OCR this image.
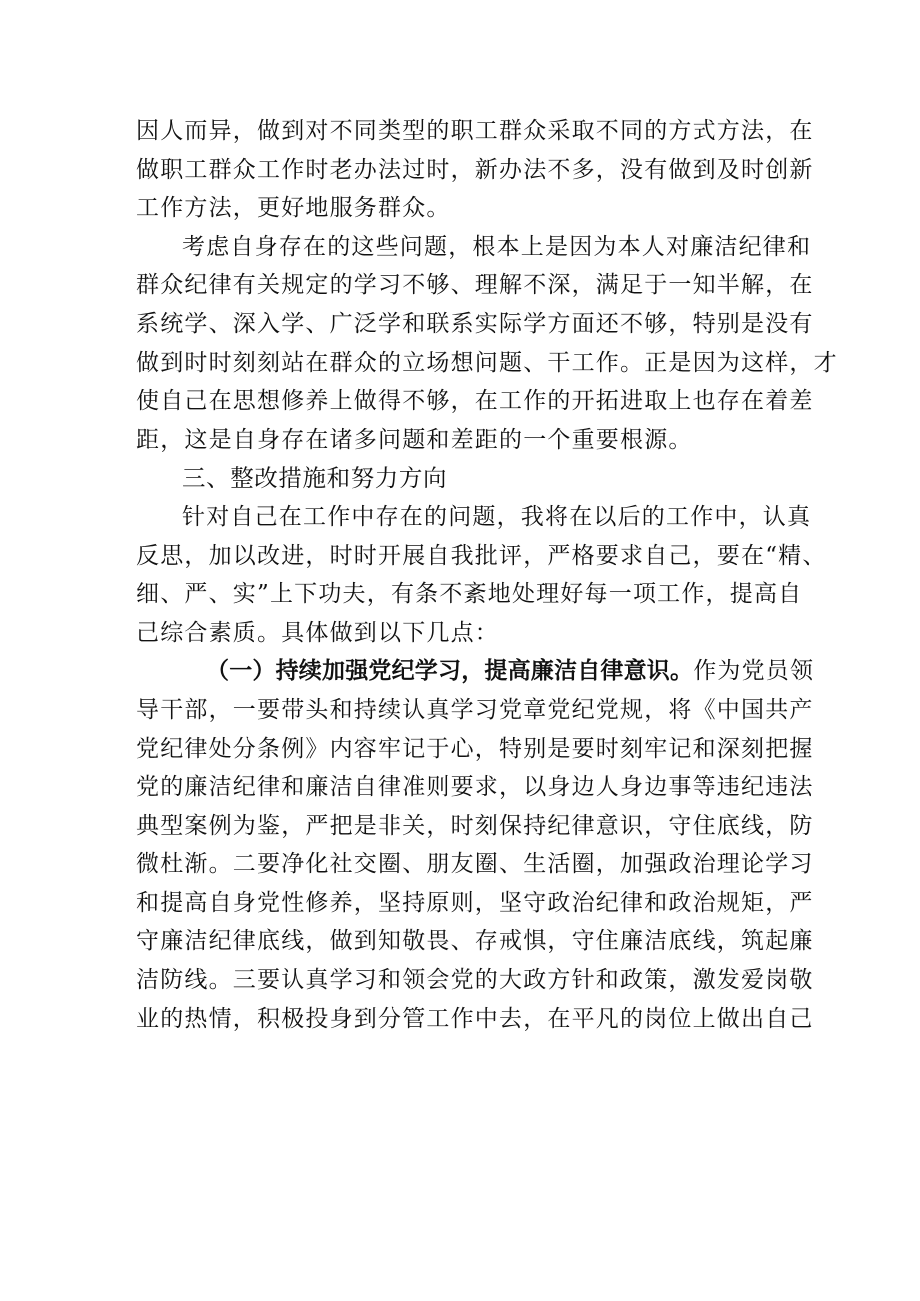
因人而异，做到对不同类型的职工群众采取不同的方式方法，在
做职工群众工作时老办法过时，新办法不多，没有做到及时创新
工作方法，更好地服务群众。
考虑自身存在的这些问题，根本上是因为本人对廉洁纪律和
群众纪律有关规定的学习不够、理解不深，满足于一知半解，在
系统学、深入学、广泛学和联系实际学方面还不够，特别是没有
做到时时刻刻站在群众的立场想问题、干工作。正是因为这样，才
使自己在思想修养上做得不够，在工作的开拓进取上也存在着差
距，这是自身存在诸多问题和差距的一个重要根源。
三、整改措施和努力方向
针对自己在工作中存在的问题，我将在以后的工作中，认真
反思，加以改进，时时开展自我批评，严格要求自己，要在“精、
细、严、实”上下功夫，有条不紊地处理好每一项工作，提高自
己综合素质。具体做到以下几点：
（一）持续加强党纪学习，提高廉洁自律意识。作为党员领
导干部，一要带头和持续认真学习党章党纪党规，将《中国共产
党纪律处分条例》内容牢记于心，特别是要时刻牢记和深刻把握
党的廉洁纪律和廉洁自律准则要求，以身边人身边事等违纪违法
典型案例为鉴，严把是非关，时刻保持纪律意识，守住底线，防
微杜渐。二要净化社交圈、朋友圈、生活圈，加强政治理论学习
和提高自身党性修养，坚持原则，坚守政治纪律和政治规矩，严
守廉洁纪律底线，做到知敬畏、存戒惧，守住廉洁底线，筑起廉
洁防线。三要认真学习和领会党的大政方针和政策，激发爱岗敬
业的热情，积极投身到分管工作中去，在平凡的岗位上做出自己
